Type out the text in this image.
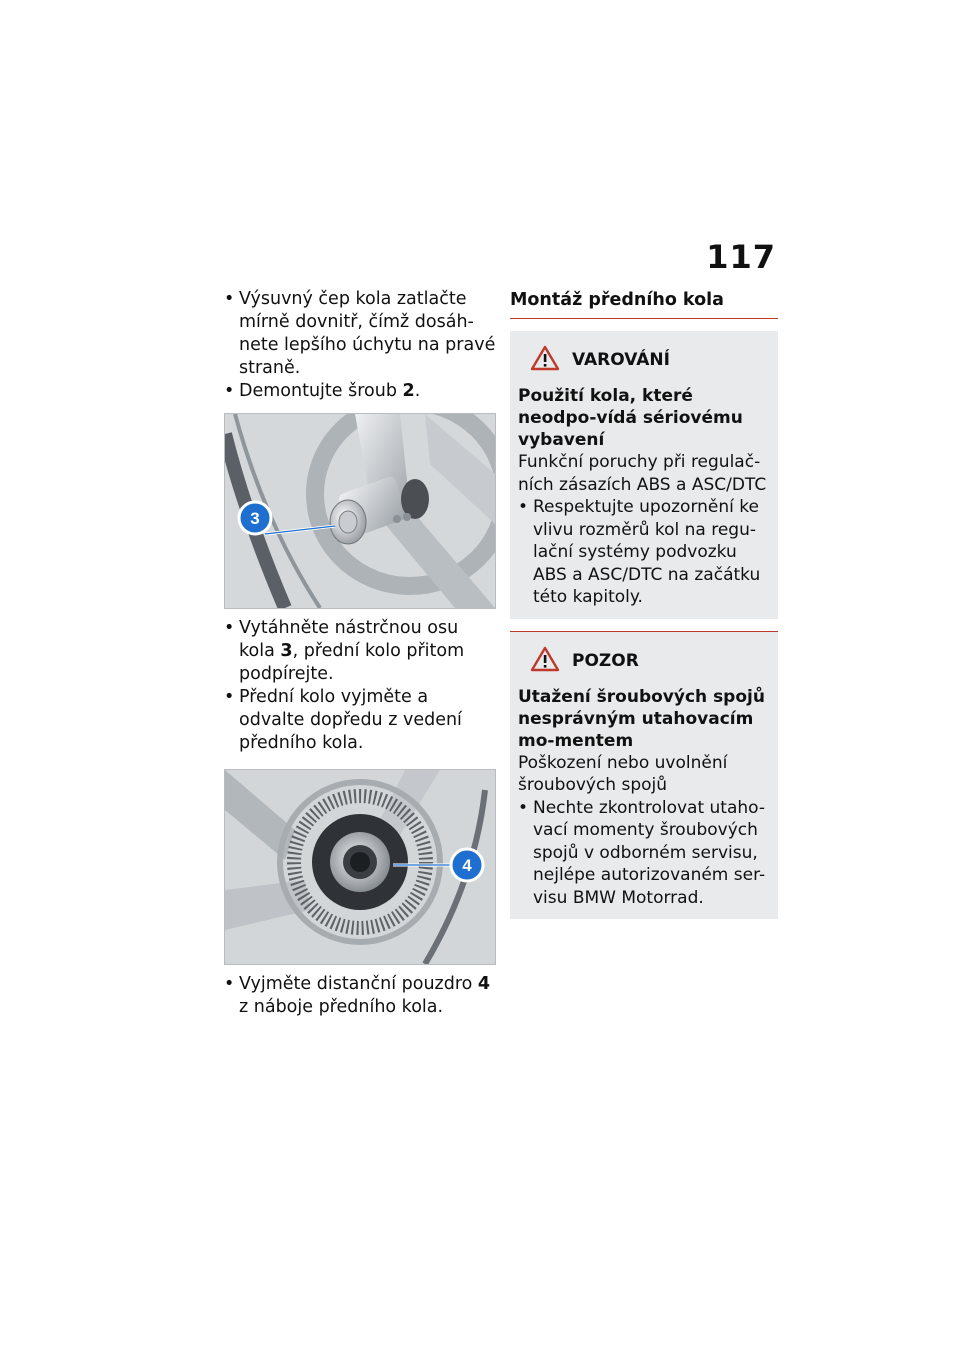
117

• Výsuvný čep kola zatlačte mírně dovnitř, čímž dosáh-nete lepšího úchytu na pravé straně.

• Demontujte šroub 2.

3

• Vytáhněte nástrčnou osu kola 3, přední kolo přitom podpírejte.

• Přední kolo vyjměte a odvalte dopředu z vedení předního kola.

4

• Vyjměte distanční pouzdro 4 z náboje předního kola.

Montáž předního kola
VAROVÁNÍ
Použití kola, které neodpo-vídá sériovému vybavení
Funkční poruchy při regulač-ních zásazích ABS a ASC/DTC

• Respektujte upozornění ke vlivu rozměrů kol na regu-lační systémy podvozku ABS a ASC/DTC na začátku této kapitoly.

POZOR
Utažení šroubových spojů nesprávným utahovacím mo-mentem
Poškození nebo uvolnění šroubových spojů

• Nechte zkontrolovat utaho-vací momenty šroubových spojů v odborném servisu, nejlépe autorizovaném ser-visu BMW Motorrad.
